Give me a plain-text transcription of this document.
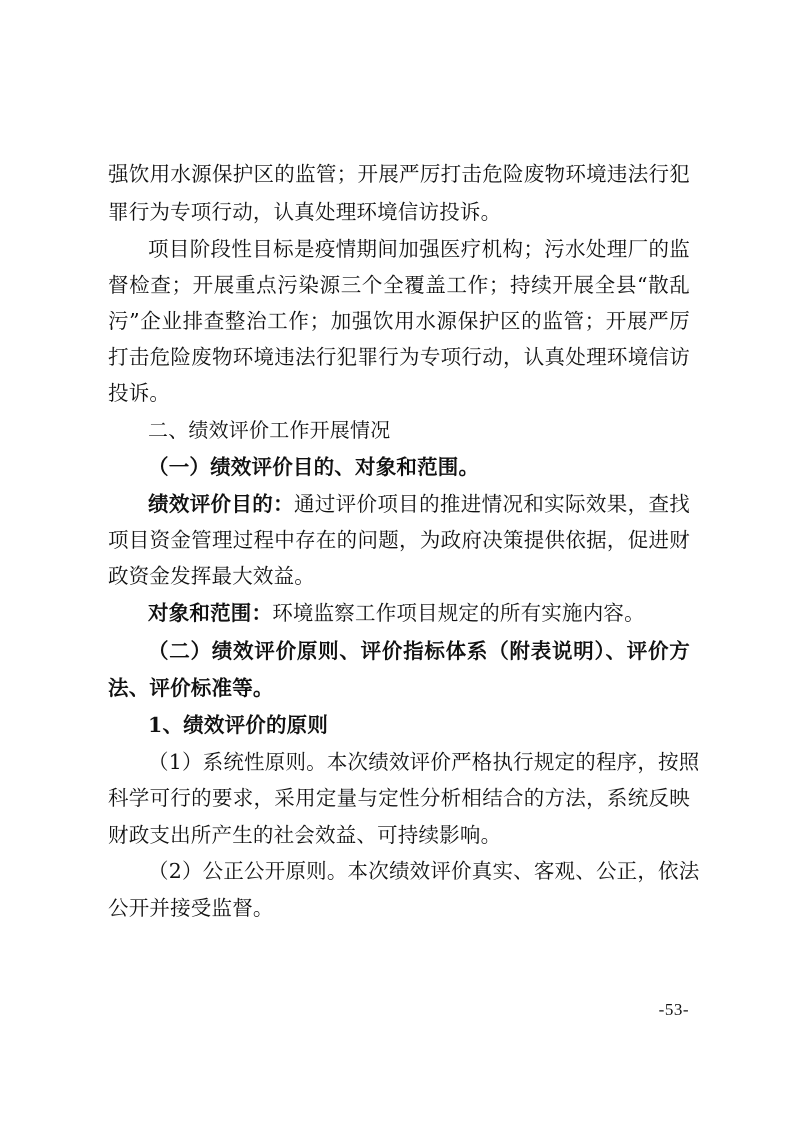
强饮用水源保护区的监管；开展严厉打击危险废物环境违法行犯
罪行为专项行动，认真处理环境信访投诉。
项目阶段性目标是疫情期间加强医疗机构；污水处理厂的监
督检查；开展重点污染源三个全覆盖工作；持续开展全县“散乱
污”企业排查整治工作；加强饮用水源保护区的监管；开展严厉
打击危险废物环境违法行犯罪行为专项行动，认真处理环境信访
投诉。
二、绩效评价工作开展情况
（一）绩效评价目的、对象和范围。
绩效评价目的：通过评价项目的推进情况和实际效果，查找
项目资金管理过程中存在的问题，为政府决策提供依据，促进财
政资金发挥最大效益。
对象和范围：环境监察工作项目规定的所有实施内容。
（二）绩效评价原则、评价指标体系（附表说明）、评价方
法、评价标准等。
1、绩效评价的原则
（1）系统性原则。本次绩效评价严格执行规定的程序，按照
科学可行的要求，采用定量与定性分析相结合的方法，系统反映
财政支出所产生的社会效益、可持续影响。
（2）公正公开原则。本次绩效评价真实、客观、公正，依法
公开并接受监督。
-53-
